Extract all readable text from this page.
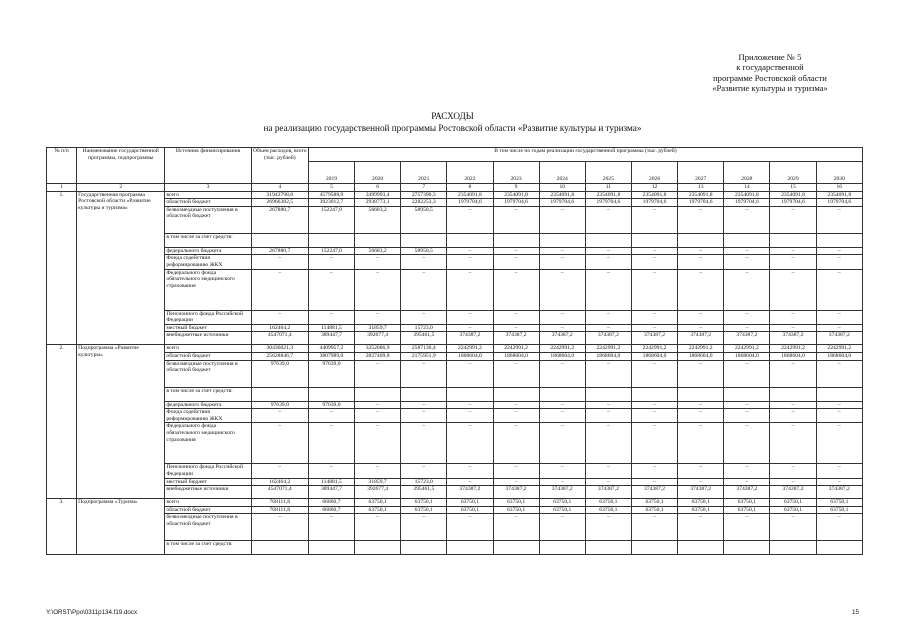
Приложение № 5
к государственной
программе Ростовской области
«Развитие культуры и туризма»
РАСХОДЫ
на реализацию государственной программы Ростовской области «Развитие культуры и туризма»
№ п/п	Наименование государственной программы, подпрограммы	Источник финансирования	Объем расходов, всего (тыс. рублей)	В том числе по годам реализации государственной программы (тыс. рублей)											
				2019	2020	2021	2022	2023	2024	2025	2026	2027	2028	2029	2030
1	2	3	4	5	6	7	8	9	10	11	12	13	14	15	16
1.	Государственная программа Ростовской области «Развитие культуры и туризма»	всего	31943798,8	4579588,9	3499993,4	2757390,3	2354091,8	2354091,8	2354091,8	2354091,8	2354091,8	2354091,8	2354091,8	2354091,8	2354091,8
		областной бюджет	26966382,5	3923012,7	2938773,1	2282253,3	1979704,6	1979704,6	1979704,6	1979704,6	1979704,6	1979704,6	1979704,6	1979704,6	1979704,6
		безвозмездные поступления в областной бюджет	267880,7	152247,0	56683,2	58950,5	–	–	–	–	–	–	–	–	–
		в том числе за счет средств:													
		федерального бюджета	267880,7	152247,0	56683,2	58950,5	–	–	–	–	–	–	–	–	–
		Фонда содействия реформированию ЖКХ	–	–	–	–	–	–	–	–	–	–	–	–	–
		Федерального фонда обязательного медицинского страхования	–	–	–	–	–	–	–	–	–	–	–	–	–
		Пенсионного фонда Российской Федерации	–	–	–	–	–	–	–	–	–	–	–	–	–
		местный бюджет	162464,2	114881,5	31859,7	15723,0	–	–	–	–	–	–	–	–	–
		внебюджетные источники	4547071,4	389447,7	392677,4	395461,5	374387,2	374387,2	374387,2	374387,2	374387,2	374387,2	374387,2	374387,2	374387,2
2.	Подпрограмма «Развитие культуры»	всего	30436021,3	4409957,2	3252086,9	2587136,4	2242991,2	2242991,2	2242991,2	2242991,2	2242991,2	2242991,2	2242991,2	2242991,2	2242991,2
		областной бюджет	25628846,7	3807989,0	2827469,8	2175951,9	1868604,0	1868604,0	1868604,0	1868604,0	1868604,0	1868604,0	1868604,0	1868604,0	1868604,0
		безвозмездные поступления в областной бюджет	97639,0	97639,0	–	–	–	–	–	–	–	–	–	–	–
		в том числе за счет средств:													
		федерального бюджета	97639,0	97639,0	–	–	–	–	–	–	–	–	–	–	–
		Фонда содействия реформированию ЖКХ	–	–	–	–	–	–	–	–	–	–	–	–	–
		Федерального фонда обязательного медицинского страхования	–	–	–	–	–	–	–	–	–	–	–	–	–
		Пенсионного фонда Российской Федерации	–	–	–	–	–	–	–	–	–	–	–	–	–
		местный бюджет	162464,2	114881,5	31859,7	15723,0	–	–	–	–	–	–	–	–	–
		внебюджетные источники	4547071,4	389447,7	392677,4	395461,5	374387,2	374387,2	374387,2	374387,2	374387,2	374387,2	374387,2	374387,2	374387,2
3.	Подпрограмма «Туризм»	всего	768111,8	66860,7	63750,1	63750,1	63750,1	63750,1	63750,1	63750,1	63750,1	63750,1	63750,1	63750,1	63750,1
		областной бюджет	768111,8	66860,7	63750,1	63750,1	63750,1	63750,1	63750,1	63750,1	63750,1	63750,1	63750,1	63750,1	63750,1
		безвозмездные поступления в областной бюджет	–	–	–	–	–	–	–	–	–	–	–	–	–
		в том числе за счет средств:													
Y:\ORST\Ppo\0311p134.f19.docx	15
